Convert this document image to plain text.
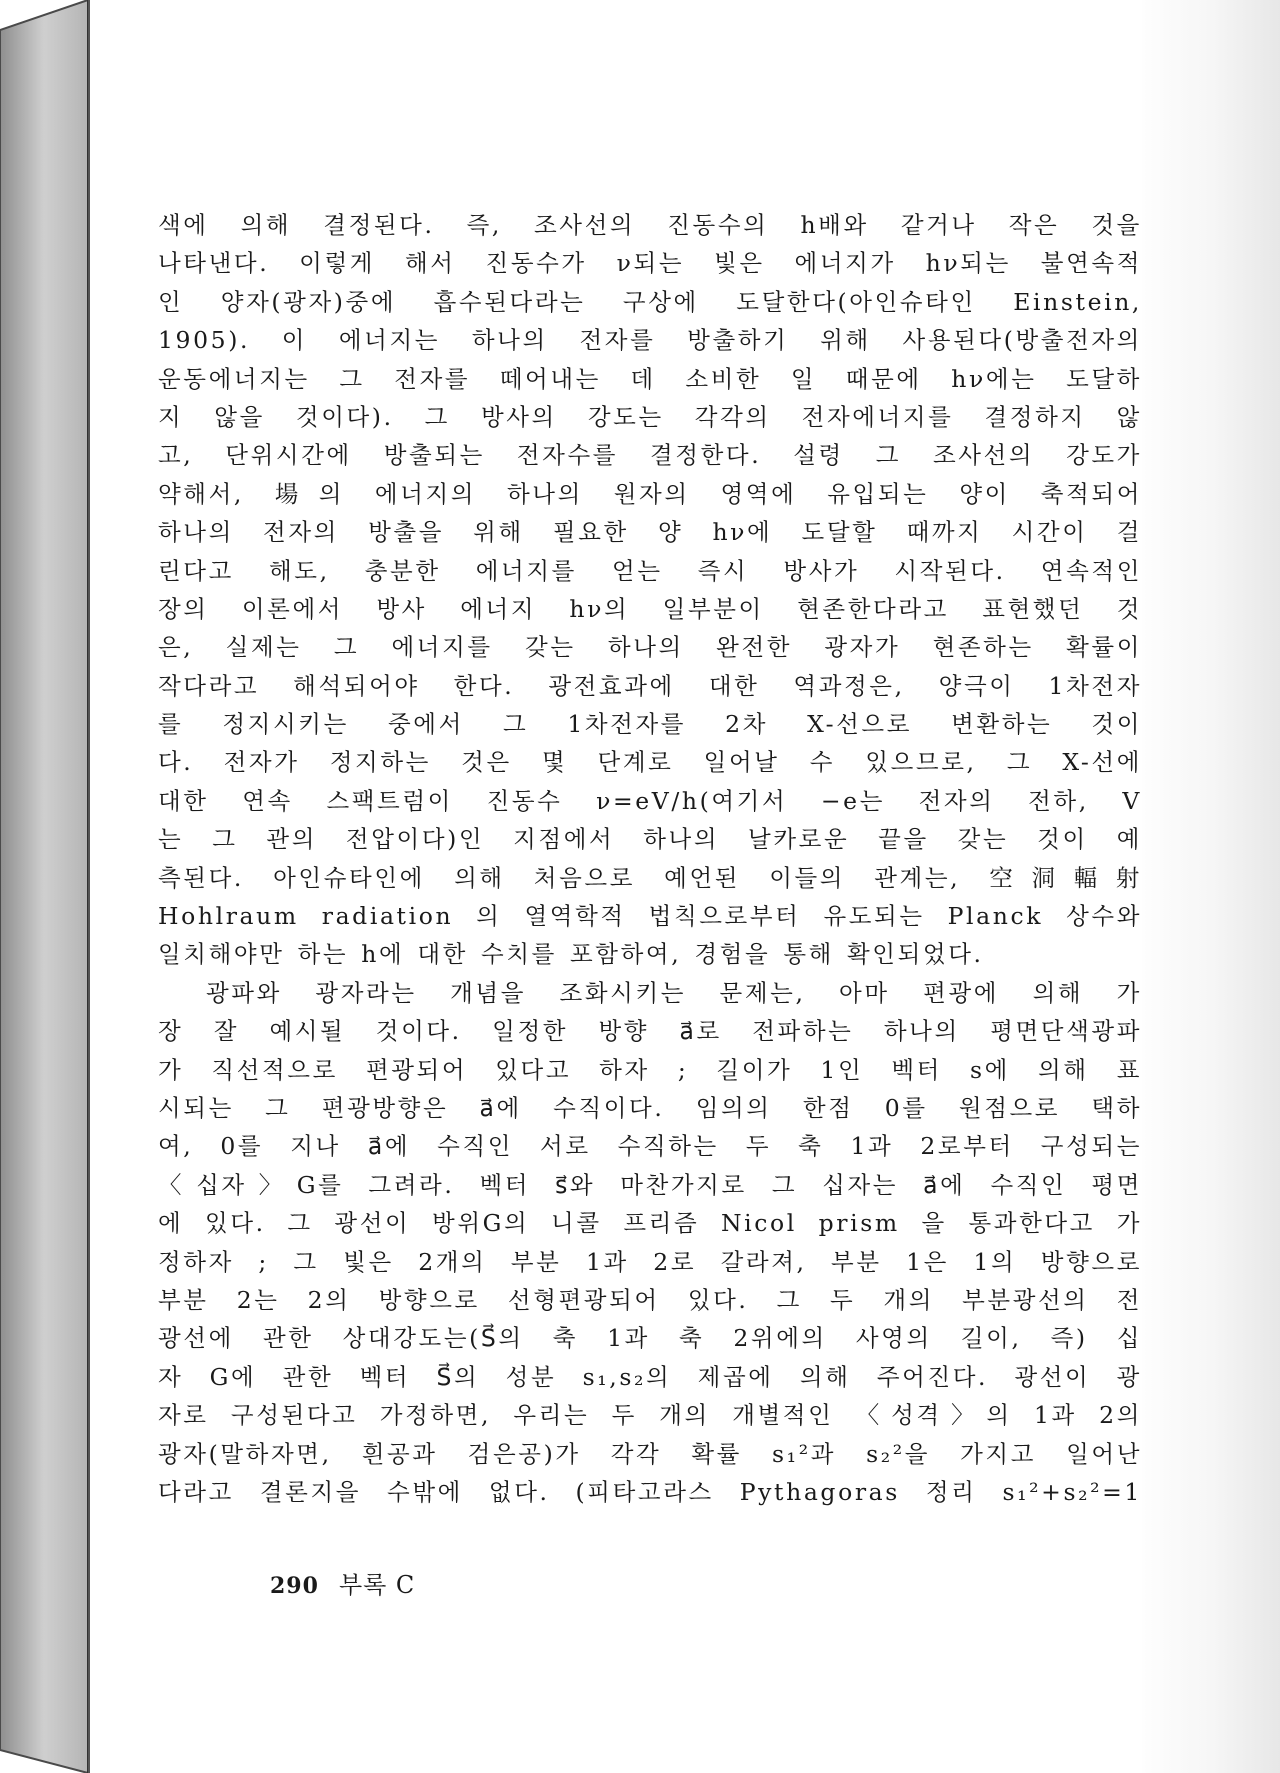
색에 의해 결정된다. 즉, 조사선의 진동수의 h배와 같거나 작은 것을
나타낸다. 이렇게 해서 진동수가 ν되는 빛은 에너지가 hν되는 불연속적
인 양자(광자)중에 흡수된다라는 구상에 도달한다(아인슈타인 Einstein,
1905). 이 에너지는 하나의 전자를 방출하기 위해 사용된다(방출전자의
운동에너지는 그 전자를 떼어내는 데 소비한 일 때문에 hν에는 도달하
지 않을 것이다). 그 방사의 강도는 각각의 전자에너지를 결정하지 않
고, 단위시간에 방출되는 전자수를 결정한다. 설령 그 조사선의 강도가
약해서, 場의 에너지의 하나의 원자의 영역에 유입되는 양이 축적되어
하나의 전자의 방출을 위해 필요한 양 hν에 도달할 때까지 시간이 걸
린다고 해도, 충분한 에너지를 얻는 즉시 방사가 시작된다. 연속적인
장의 이론에서 방사 에너지 hν의 일부분이 현존한다라고 표현했던 것
은, 실제는 그 에너지를 갖는 하나의 완전한 광자가 현존하는 확률이
작다라고 해석되어야 한다. 광전효과에 대한 역과정은, 양극이 1차전자
를 정지시키는 중에서 그 1차전자를 2차 X-선으로 변환하는 것이
다. 전자가 정지하는 것은 몇 단계로 일어날 수 있으므로, 그 X-선에
대한 연속 스팩트럼이 진동수 ν=eV/h(여기서 −e는 전자의 전하, V
는 그 관의 전압이다)인 지점에서 하나의 날카로운 끝을 갖는 것이 예
측된다. 아인슈타인에 의해 처음으로 예언된 이들의 관계는, 空洞輻射
Hohlraum radiation 의 열역학적 법칙으로부터 유도되는 Planck 상수와
일치해야만 하는 h에 대한 수치를 포함하여, 경험을 통해 확인되었다.
광파와 광자라는 개념을 조화시키는 문제는, 아마 편광에 의해 가
장 잘 예시될 것이다. 일정한 방향 a⃗로 전파하는 하나의 평면단색광파
가 직선적으로 편광되어 있다고 하자 ; 길이가 1인 벡터 s에 의해 표
시되는 그 편광방향은 a⃗에 수직이다. 임의의 한점 0를 원점으로 택하
여, 0를 지나 a⃗에 수직인 서로 수직하는 두 축 1과 2로부터 구성되는
〈십자〉G를 그려라. 벡터 s⃗와 마찬가지로 그 십자는 a⃗에 수직인 평면
에 있다. 그 광선이 방위G의 니콜 프리즘 Nicol prism 을 통과한다고 가
정하자 ; 그 빛은 2개의 부분 1과 2로 갈라져, 부분 1은 1의 방향으로
부분 2는 2의 방향으로 선형편광되어 있다. 그 두 개의 부분광선의 전
광선에 관한 상대강도는(S⃗의 축 1과 축 2위에의 사영의 길이, 즉) 십
자 G에 관한 벡터 S⃗의 성분 s₁,s₂의 제곱에 의해 주어진다. 광선이 광
자로 구성된다고 가정하면, 우리는 두 개의 개별적인 〈성격〉의 1과 2의
광자(말하자면, 흰공과 검은공)가 각각 확률 s₁²과 s₂²을 가지고 일어난
다라고 결론지을 수밖에 없다. (피타고라스 Pythagoras 정리 s₁²+s₂²=1
290 부록 C
